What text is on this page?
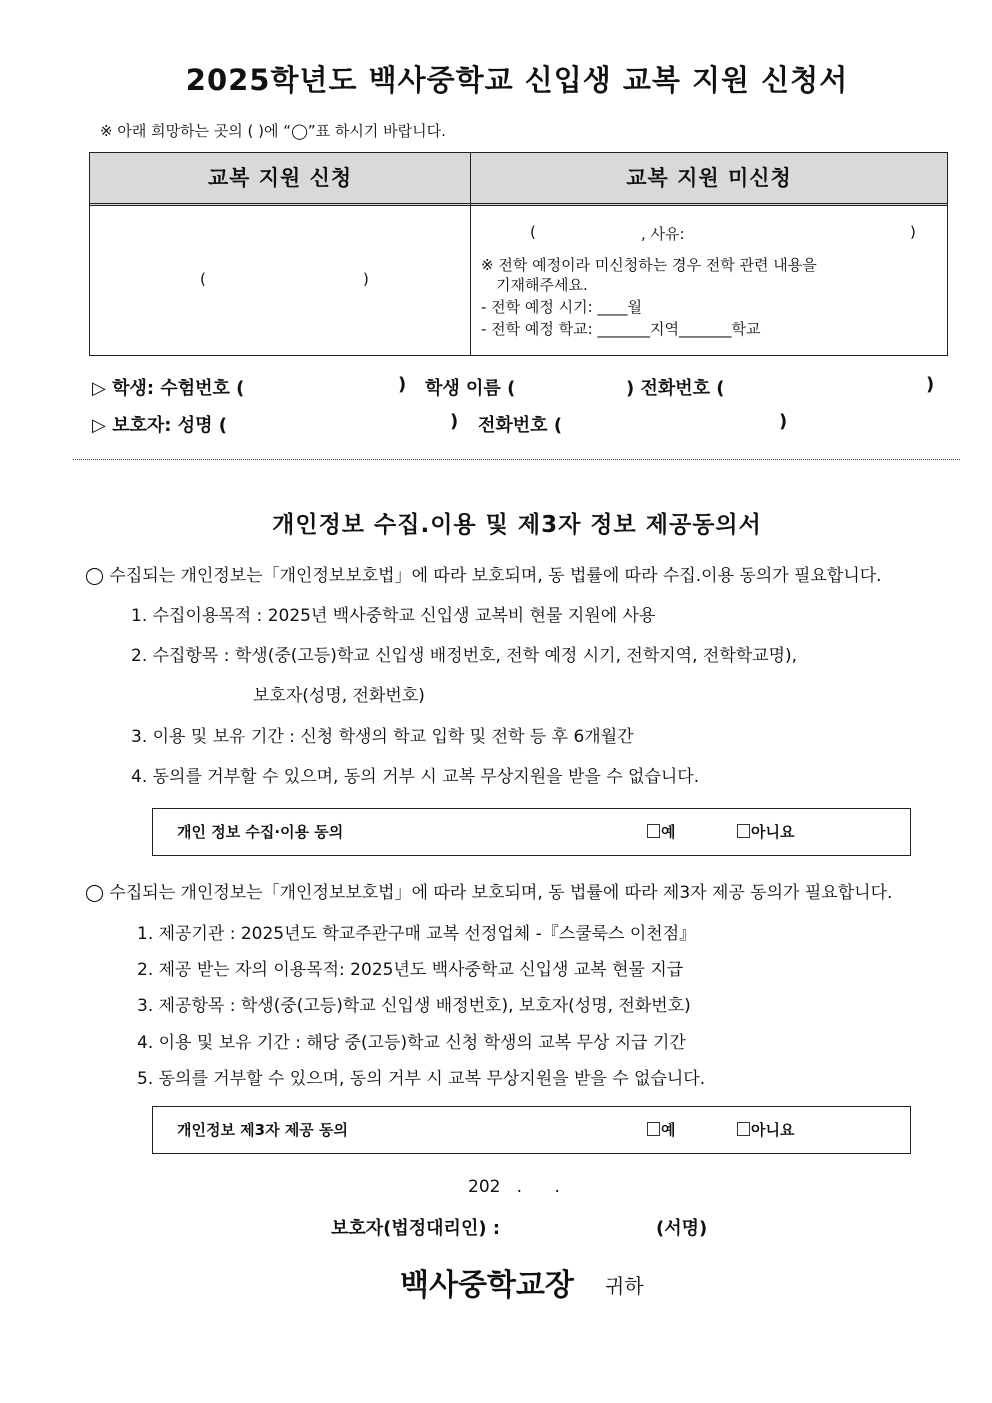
2025학년도 백사중학교 신입생 교복 지원 신청서
※ 아래 희망하는 곳의 ( )에 “◯”표 하시기 바랍니다.
교복 지원 신청	교복 지원 미신청
(	)
(	, 사유:	)
※ 전학 예정이라 미신청하는 경우 전학 관련 내용을
기재해주세요.
- 전학 예정 시기: ____월
- 전학 예정 학교: _______지역_______학교
▷ 학생: 수험번호 (	) 학생 이름 (	) 전화번호 (	)
▷ 보호자: 성명 (	) 전화번호 (	)
개인정보 수집.이용 및 제3자 정보 제공동의서
◯ 수집되는 개인정보는「개인정보보호법」에 따라 보호되며, 동 법률에 따라 수집.이용 동의가 필요합니다.
1. 수집이용목적 : 2025년 백사중학교 신입생 교복비 현물 지원에 사용
2. 수집항목 : 학생(중(고등)학교 신입생 배정번호, 전학 예정 시기, 전학지역, 전학학교명),
보호자(성명, 전화번호)
3. 이용 및 보유 기간 : 신청 학생의 학교 입학 및 전학 등 후 6개월간
4. 동의를 거부할 수 있으며, 동의 거부 시 교복 무상지원을 받을 수 없습니다.
개인 정보 수집·이용 동의	예	아니요
◯ 수집되는 개인정보는「개인정보보호법」에 따라 보호되며, 동 법률에 따라 제3자 제공 동의가 필요합니다.
1. 제공기관 : 2025년도 학교주관구매 교복 선정업체 -『스쿨룩스 이천점』
2. 제공 받는 자의 이용목적: 2025년도 백사중학교 신입생 교복 현물 지급
3. 제공항목 : 학생(중(고등)학교 신입생 배정번호), 보호자(성명, 전화번호)
4. 이용 및 보유 기간 : 해당 중(고등)학교 신청 학생의 교복 무상 지급 기간
5. 동의를 거부할 수 있으며, 동의 거부 시 교복 무상지원을 받을 수 없습니다.
개인정보 제3자 제공 동의	예	아니요
202   .      .
보호자(법정대리인) :	(서명)
백사중학교장 귀하
